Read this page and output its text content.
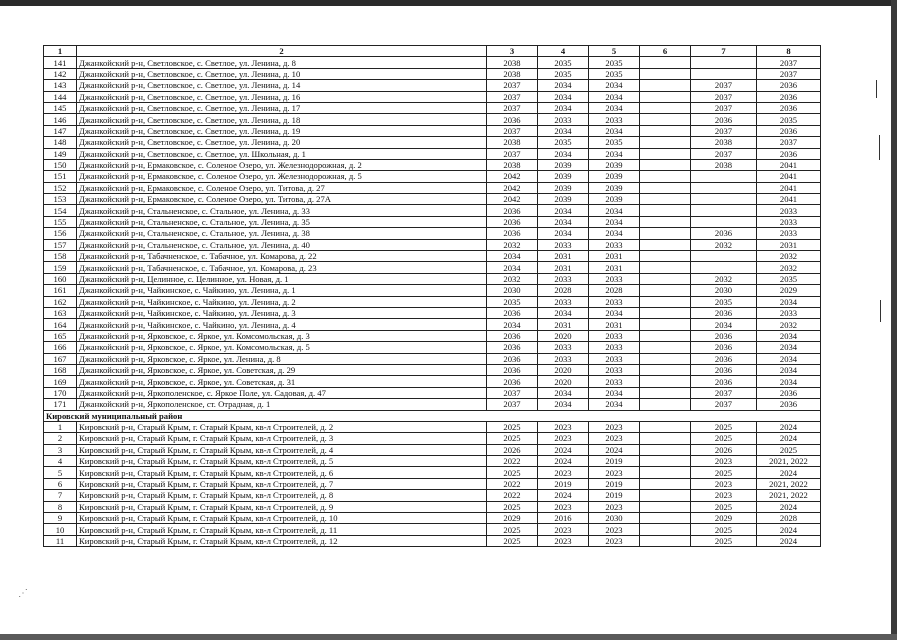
⋰
1	2	3	4	5	6	7	8
141	Джанкойский р-н, Светловское, с. Светлое, ул. Ленина, д. 8	2038	2035	2035			2037
142	Джанкойский р-н, Светловское, с. Светлое, ул. Ленина, д. 10	2038	2035	2035			2037
143	Джанкойский р-н, Светловское, с. Светлое, ул. Ленина, д. 14	2037	2034	2034		2037	2036
144	Джанкойский р-н, Светловское, с. Светлое, ул. Ленина, д. 16	2037	2034	2034		2037	2036
145	Джанкойский р-н, Светловское, с. Светлое, ул. Ленина, д. 17	2037	2034	2034		2037	2036
146	Джанкойский р-н, Светловское, с. Светлое, ул. Ленина, д. 18	2036	2033	2033		2036	2035
147	Джанкойский р-н, Светловское, с. Светлое, ул. Ленина, д. 19	2037	2034	2034		2037	2036
148	Джанкойский р-н, Светловское, с. Светлое, ул. Ленина, д. 20	2038	2035	2035		2038	2037
149	Джанкойский р-н, Светловское, с. Светлое, ул. Школьная, д. 1	2037	2034	2034		2037	2036
150	Джанкойский р-н, Ермаковское, с. Соленое Озеро, ул. Железнодорожная, д. 2	2038	2039	2039		2038	2041
151	Джанкойский р-н, Ермаковское, с. Соленое Озеро, ул. Железнодорожная, д. 5	2042	2039	2039			2041
152	Джанкойский р-н, Ермаковское, с. Соленое Озеро, ул. Титова, д. 27	2042	2039	2039			2041
153	Джанкойский р-н, Ермаковское, с. Соленое Озеро, ул. Титова, д. 27А	2042	2039	2039			2041
154	Джанкойский р-н, Стальненское, с. Стальное, ул. Ленина, д. 33	2036	2034	2034			2033
155	Джанкойский р-н, Стальненское, с. Стальное, ул. Ленина, д. 35	2036	2034	2034			2033
156	Джанкойский р-н, Стальненское, с. Стальное, ул. Ленина, д. 38	2036	2034	2034		2036	2033
157	Джанкойский р-н, Стальненское, с. Стальное, ул. Ленина, д. 40	2032	2033	2033		2032	2031
158	Джанкойский р-н, Табачненское, с. Табачное, ул. Комарова, д. 22	2034	2031	2031			2032
159	Джанкойский р-н, Табачненское, с. Табачное, ул. Комарова, д. 23	2034	2031	2031			2032
160	Джанкойский р-н, Целинное, с. Целинное, ул. Новая, д. 1	2032	2033	2033		2032	2035
161	Джанкойский р-н, Чайкинское, с. Чайкино, ул. Ленина, д. 1	2030	2028	2028		2030	2029
162	Джанкойский р-н, Чайкинское, с. Чайкино, ул. Ленина, д. 2	2035	2033	2033		2035	2034
163	Джанкойский р-н, Чайкинское, с. Чайкино, ул. Ленина, д. 3	2036	2034	2034		2036	2033
164	Джанкойский р-н, Чайкинское, с. Чайкино, ул. Ленина, д. 4	2034	2031	2031		2034	2032
165	Джанкойский р-н, Ярковское, с. Яркое, ул. Комсомольская, д. 3	2036	2020	2033		2036	2034
166	Джанкойский р-н, Ярковское, с. Яркое, ул. Комсомольская, д. 5	2036	2033	2033		2036	2034
167	Джанкойский р-н, Ярковское, с. Яркое, ул. Ленина, д. 8	2036	2033	2033		2036	2034
168	Джанкойский р-н, Ярковское, с. Яркое, ул. Советская, д. 29	2036	2020	2033		2036	2034
169	Джанкойский р-н, Ярковское, с. Яркое, ул. Советская, д. 31	2036	2020	2033		2036	2034
170	Джанкойский р-н, Яркополенское, с. Яркое Поле, ул. Садовая, д. 47	2037	2034	2034		2037	2036
171	Джанкойский р-н, Яркополенское, ст. Отрадная, д. 1	2037	2034	2034		2037	2036
Кировский муниципальный район							
1	Кировский р-н, Старый Крым, г. Старый Крым, кв-л Строителей, д. 2	2025	2023	2023		2025	2024
2	Кировский р-н, Старый Крым, г. Старый Крым, кв-л Строителей, д. 3	2025	2023	2023		2025	2024
3	Кировский р-н, Старый Крым, г. Старый Крым, кв-л Строителей, д. 4	2026	2024	2024		2026	2025
4	Кировский р-н, Старый Крым, г. Старый Крым, кв-л Строителей, д. 5	2022	2024	2019		2023	2021, 2022
5	Кировский р-н, Старый Крым, г. Старый Крым, кв-л Строителей, д. 6	2025	2023	2023		2025	2024
6	Кировский р-н, Старый Крым, г. Старый Крым, кв-л Строителей, д. 7	2022	2019	2019		2023	2021, 2022
7	Кировский р-н, Старый Крым, г. Старый Крым, кв-л Строителей, д. 8	2022	2024	2019		2023	2021, 2022
8	Кировский р-н, Старый Крым, г. Старый Крым, кв-л Строителей, д. 9	2025	2023	2023		2025	2024
9	Кировский р-н, Старый Крым, г. Старый Крым, кв-л Строителей, д. 10	2029	2016	2030		2029	2028
10	Кировский р-н, Старый Крым, г. Старый Крым, кв-л Строителей, д. 11	2025	2023	2023		2025	2024
11	Кировский р-н, Старый Крым, г. Старый Крым, кв-л Строителей, д. 12	2025	2023	2023		2025	2024
